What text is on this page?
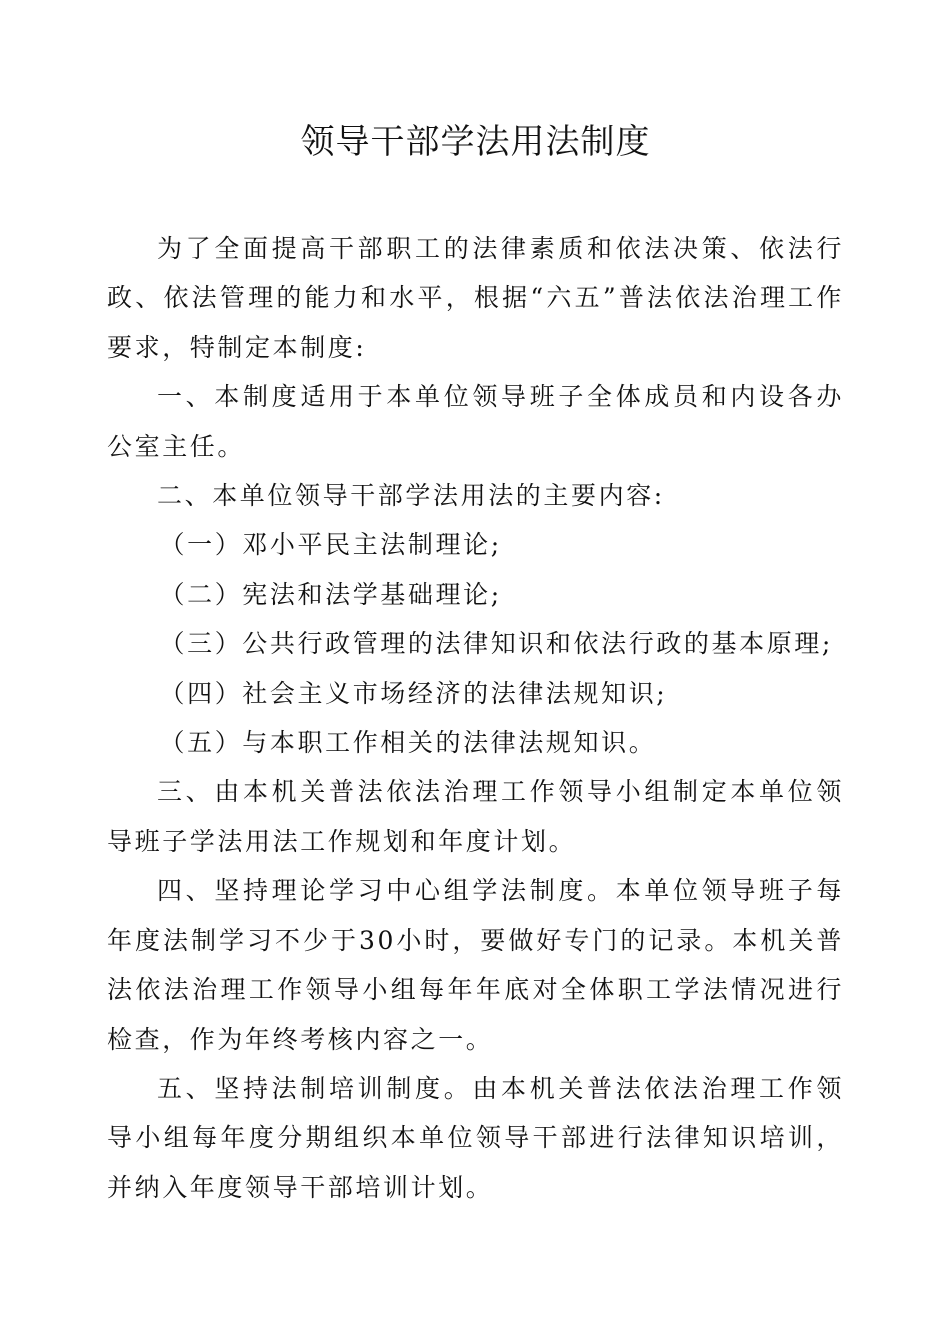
领导干部学法用法制度

为了全面提高干部职工的法律素质和依法决策、依法行政、依法管理的能力和水平，根据“六五”普法依法治理工作要求，特制定本制度:

一、本制度适用于本单位领导班子全体成员和内设各办公室主任。

二、本单位领导干部学法用法的主要内容:

（一）邓小平民主法制理论;

（二）宪法和法学基础理论;

（三）公共行政管理的法律知识和依法行政的基本原理;

（四）社会主义市场经济的法律法规知识;

（五）与本职工作相关的法律法规知识。

三、由本机关普法依法治理工作领导小组制定本单位领导班子学法用法工作规划和年度计划。

四、坚持理论学习中心组学法制度。本单位领导班子每年度法制学习不少于30小时，要做好专门的记录。本机关普法依法治理工作领导小组每年年底对全体职工学法情况进行检查，作为年终考核内容之一。

五、坚持法制培训制度。由本机关普法依法治理工作领导小组每年度分期组织本单位领导干部进行法律知识培训，并纳入年度领导干部培训计划。
